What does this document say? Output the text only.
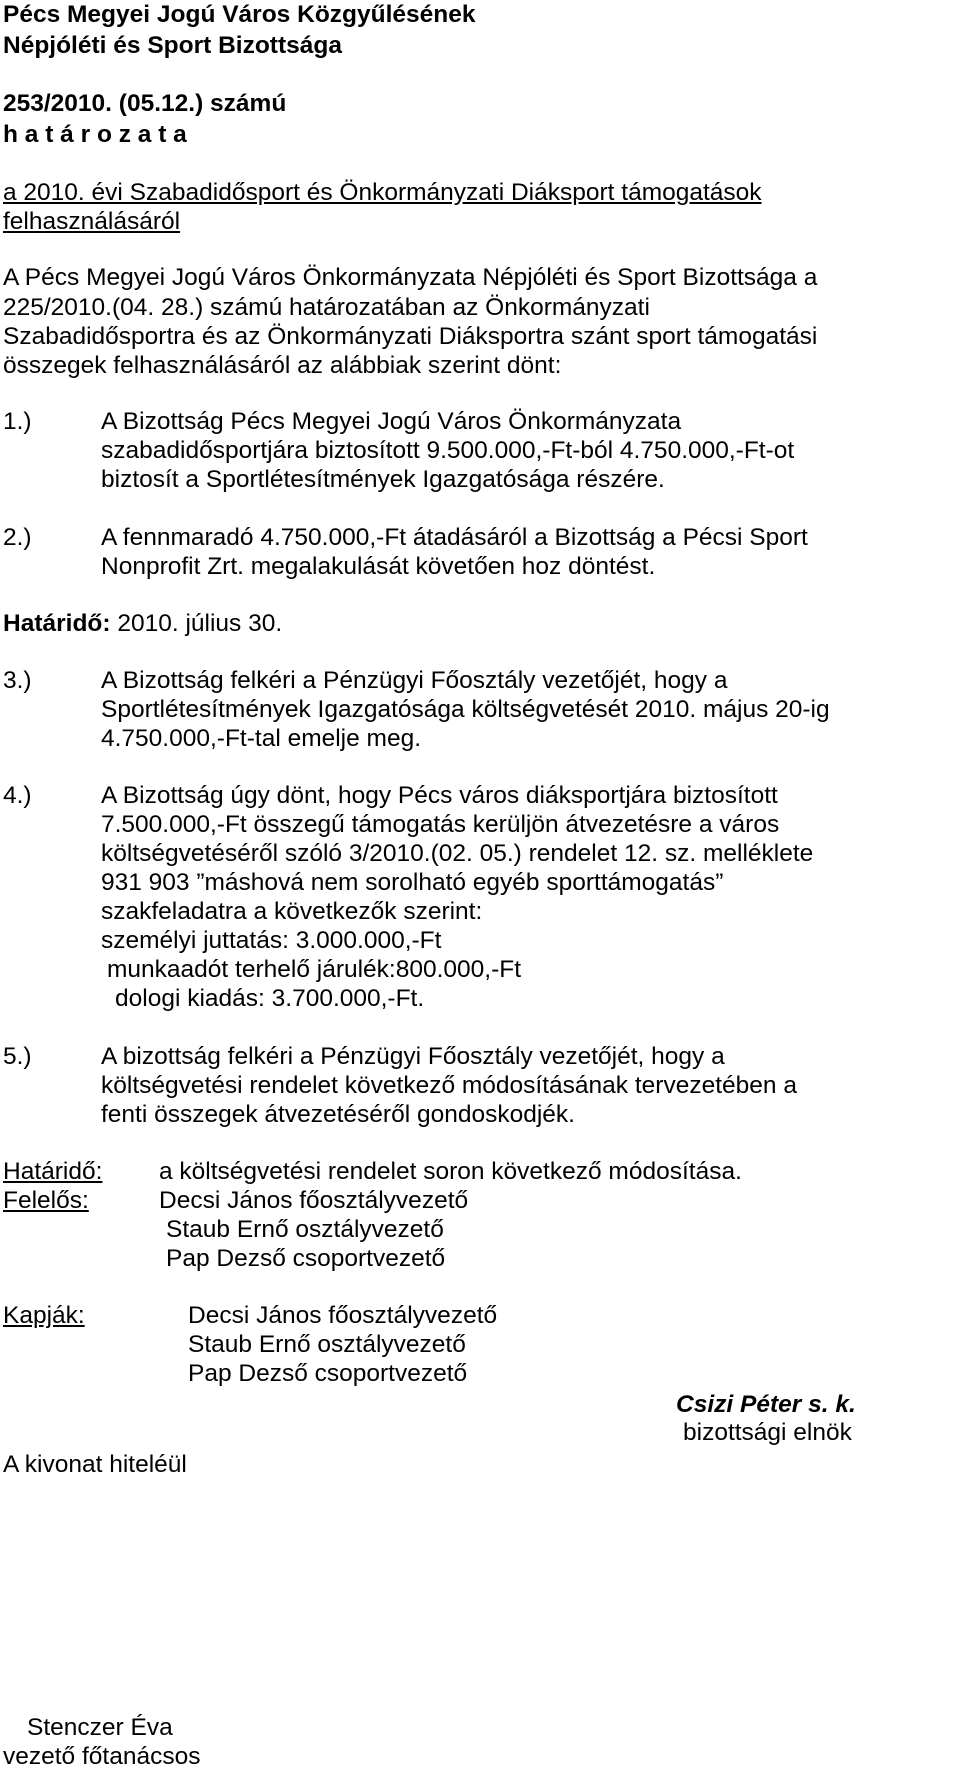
Pécs Megyei Jogú Város Közgyűlésének

Népjóléti és Sport Bizottsága

253/2010. (05.12.) számú

h a t á r o z a t a

a 2010. évi Szabadidősport és Önkormányzati Diáksport támogatások

felhasználásáról

A Pécs Megyei Jogú Város Önkormányzata Népjóléti és Sport Bizottsága a

225/2010.(04. 28.) számú határozatában az Önkormányzati

Szabadidősportra és az Önkormányzati Diáksportra szánt sport támogatási

összegek felhasználásáról az alábbiak szerint dönt:

1.)	A Bizottság Pécs Megyei Jogú Város Önkormányzata

szabadidősportjára biztosított 9.500.000,-Ft-ból 4.750.000,-Ft-ot

biztosít a Sportlétesítmények Igazgatósága részére.

2.)	A fennmaradó 4.750.000,-Ft átadásáról a Bizottság a Pécsi Sport

Nonprofit Zrt. megalakulását követően hoz döntést.

Határidő: 2010. július 30.

3.)	A Bizottság felkéri a Pénzügyi Főosztály vezetőjét, hogy a

Sportlétesítmények Igazgatósága költségvetését 2010. május 20-ig

4.750.000,-Ft-tal emelje meg.

4.)	A Bizottság úgy dönt, hogy Pécs város diáksportjára biztosított

7.500.000,-Ft összegű támogatás kerüljön átvezetésre a város

költségvetéséről szóló 3/2010.(02. 05.) rendelet 12. sz. melléklete

931 903 ”máshová nem sorolható egyéb sporttámogatás”

szakfeladatra a következők szerint:

személyi juttatás: 3.000.000,-Ft

munkaadót terhelő járulék:800.000,-Ft

dologi kiadás: 3.700.000,-Ft.

5.)	A bizottság felkéri a Pénzügyi Főosztály vezetőjét, hogy a

költségvetési rendelet következő módosításának tervezetében a

fenti összegek átvezetéséről gondoskodjék.

Határidő: a költségvetési rendelet soron következő módosítása.

Felelős:	Decsi János főosztályvezető

Staub Ernő osztályvezető

Pap Dezső csoportvezető

Kapják:	Decsi János főosztályvezető

Staub Ernő osztályvezető

Pap Dezső csoportvezető

Csizi Péter s. k.

bizottsági elnök

A kivonat hiteléül

Stenczer Éva

vezető főtanácsos
